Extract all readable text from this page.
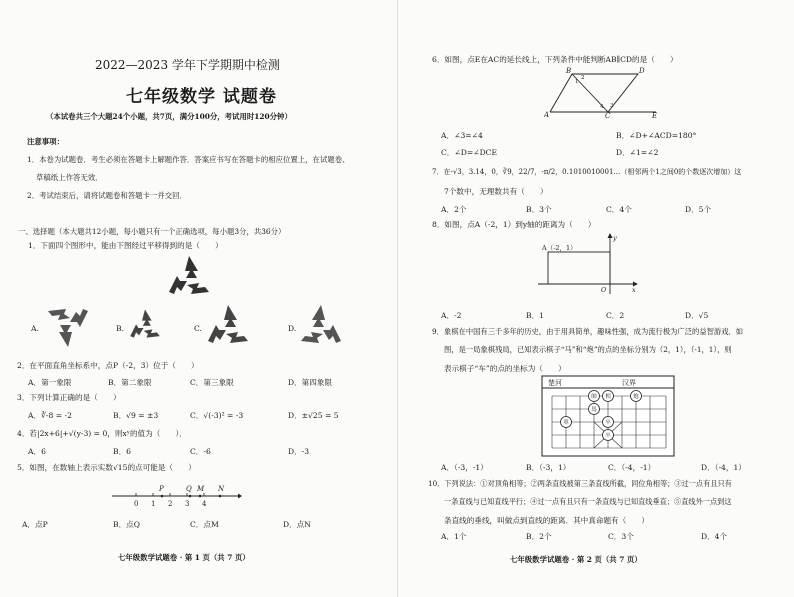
2022—2023 学年下学期期中检测
七年级数学 试题卷
（本试卷共三个大题24个小题，共7页，满分100分，考试用时120分钟）
注意事项：
1．本卷为试题卷．考生必须在答题卡上解题作答．答案应书写在答题卡的相应位置上，在试题卷、
草稿纸上作答无效．
2．考试结束后，请将试题卷和答题卡一并交回．
一、选择题（本大题共12小题，每小题只有一个正确选项，每小题3分，共36分）
1．下面四个图形中，能由下图经过平移得到的是（　　）
A.	B.	C.	D.
2．在平面直角坐标系中，点P（-2，3）位于（　　）
A．第一象限	B．第二象限	C．第三象限	D．第四象限
3．下列计算正确的是（　　）
A．∛-8 = -2	B．√9 = ±3	C．√(-3)² = -3	D．±√25 = 5
4．若|2x+6|+√(y-3) = 0，则xʸ的值为（　　）．
A．6	B．6	C．-6	D．-3
5．如图，在数轴上表示实数√15的点可能是（　　）
P	Q M N
0 1 2 3 4
A．点P	B．点Q	C．点M	D．点N
七年级数学试题卷 · 第 1 页（共 7 页）
6．如图，点E在AC的延长线上，下列条件中能判断AB∥CD的是（　　）
B	D
A	C	E
1
2
3
4
A．∠3=∠4	B．∠D+∠ACD=180°
C．∠D=∠DCE	D．∠1=∠2
7．在-√3，3.14，0，∛9，22/7，-π/2，0.1010010001…（相邻两个1之间0的个数逐次增加）这
7个数中，无理数共有（　　）
A．2个	B．3个	C．4个	D．5个
8．如图，点A（-2，1）到y轴的距离为（　　）
A（-2，1）
y
x
O
A．-2	B．1	C．2	D．√5
9．象棋在中国有三千多年的历史，由于用具简单，趣味性强，成为流行极为广泛的益智游戏．如
图，是一局象棋残局，已知表示棋子“马”和“炮”的点的坐标分别为（2，1），（-1，1），则
表示棋子“车”的点的坐标为（　　）
楚河	汉界
帥 相
馬
炮
卒
卒
車
A．（-3，-1）	B．（-3，1）	C．（-4，-1）	D．（-4，1）
10．下列说法：①对顶角相等；②两条直线被第三条直线所截，同位角相等；③过一点有且只有
一条直线与已知直线平行；④过一点有且只有一条直线与已知直线垂直；⑤直线外一点到这
条直线的垂线，叫做点到直线的距离．其中真命题有（　　）
A．1个	B．2个	C．3个	D．4个
七年级数学试题卷 · 第 2 页（共 7 页）
